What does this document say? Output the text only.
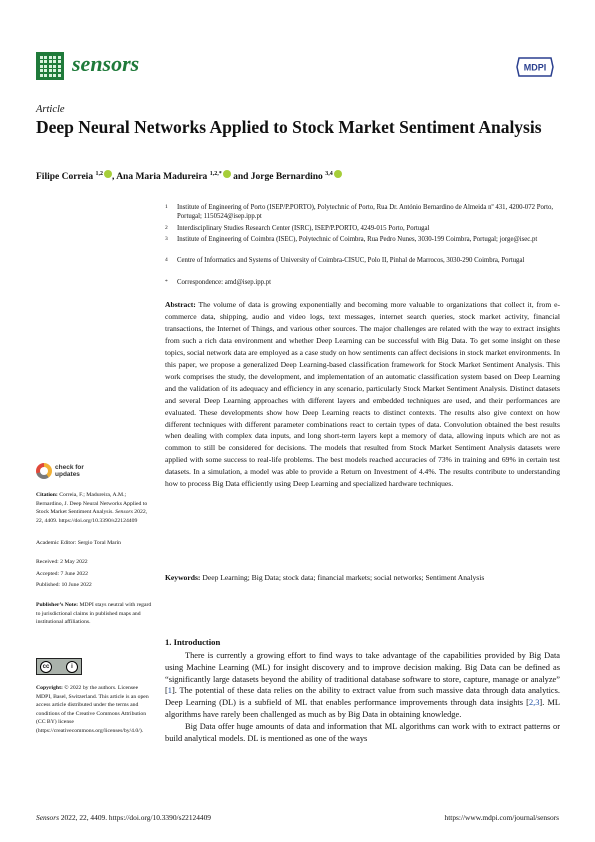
sensors	MDPI
Article
Deep Neural Networks Applied to Stock Market Sentiment Analysis
Filipe Correia $^{1,2}$ , Ana Maria Madureira $^{1,2,*}$ and Jorge Bernardino $^{3,4}$
1 Institute of Engineering of Porto (ISEP/P.PORTO), Polytechnic of Porto, Rua Dr. António Bernardino de Almeida nº 431, 4200-072 Porto, Portugal; 1150524@isep.ipp.pt
2 Interdisciplinary Studies Research Center (ISRC), ISEP/P.PORTO, 4249-015 Porto, Portugal
3 Institute of Engineering of Coimbra (ISEC), Polytechnic of Coimbra, Rua Pedro Nunes, 3030-199 Coimbra, Portugal; jorge@isec.pt
4 Centre of Informatics and Systems of University of Coimbra-CISUC, Polo II, Pinhal de Marrocos, 3030-290 Coimbra, Portugal
* Correspondence: amd@isep.ipp.pt
Abstract: The volume of data is growing exponentially and becoming more valuable to organizations that collect it, from e-commerce data, shipping, audio and video logs, text messages, internet search queries, stock market activity, financial transactions, the Internet of Things, and various other sources. The major challenges are related with the way to extract insights from such a rich data environment and whether Deep Learning can be successful with Big Data. To get some insight on these topics, social network data are employed as a case study on how sentiments can affect decisions in stock market environments. In this paper, we propose a generalized Deep Learning-based classification framework for Stock Market Sentiment Analysis. This work comprises the study, the development, and implementation of an automatic classification system based on Deep Learning and the validation of its adequacy and efficiency in any scenario, particularly Stock Market Sentiment Analysis. Distinct datasets and several Deep Learning approaches with different layers and embedded techniques are used, and their performances are evaluated. These developments show how Deep Learning reacts to distinct contexts. The results also give context on how different techniques with different parameter combinations react to certain types of data. Convolution obtained the best results when dealing with complex data inputs, and long short-term layers kept a memory of data, allowing inputs which are not as common to still be considered for decisions. The models that resulted from Stock Market Sentiment Analysis datasets were applied with some success to real-life problems. The best models reached accuracies of 73% in training and 69% in certain test datasets. In a simulation, a model was able to provide a Return on Investment of 4.4%. The results contribute to understanding how to process Big Data efficiently using Deep Learning and specialized hardware techniques.
Keywords: Deep Learning; Big Data; stock data; financial markets; social networks; Sentiment Analysis
1. Introduction

There is currently a growing effort to find ways to take advantage of the capabilities provided by Big Data using Machine Learning (ML) for insight discovery and to improve decision making. Big Data can be defined as “significantly large datasets beyond the ability of traditional database software to store, capture, manage or analyze” [1]. The potential of these data relies on the ability to extract value from such massive data through data analytics. Deep Learning (DL) is a subfield of ML that enables performance improvements through data insights [2,3]. ML algorithms have rarely been challenged as much as by Big Data in obtaining knowledge.

Big Data offer huge amounts of data and information that ML algorithms can work with to extract patterns or build analytical models. DL is mentioned as one of the ways

check for
updates
Citation: Correia, F.; Madureira, A.M.; Bernardino, J. Deep Neural Networks Applied to Stock Market Sentiment Analysis. Sensors 2022, 22, 4409. https://doi.org/10.3390/s22124409
Academic Editor: Sergio Toral Marín
Received: 2 May 2022
Accepted: 7 June 2022
Published: 10 June 2022
Publisher’s Note: MDPI stays neutral with regard to jurisdictional claims in published maps and institutional affiliations.
cc	i
Copyright: © 2022 by the authors. Licensee MDPI, Basel, Switzerland. This article is an open access article distributed under the terms and conditions of the Creative Commons Attribution (CC BY) license (https://creativecommons.org/licenses/by/4.0/).
Sensors 2022, 22, 4409. https://doi.org/10.3390/s22124409	https://www.mdpi.com/journal/sensors
